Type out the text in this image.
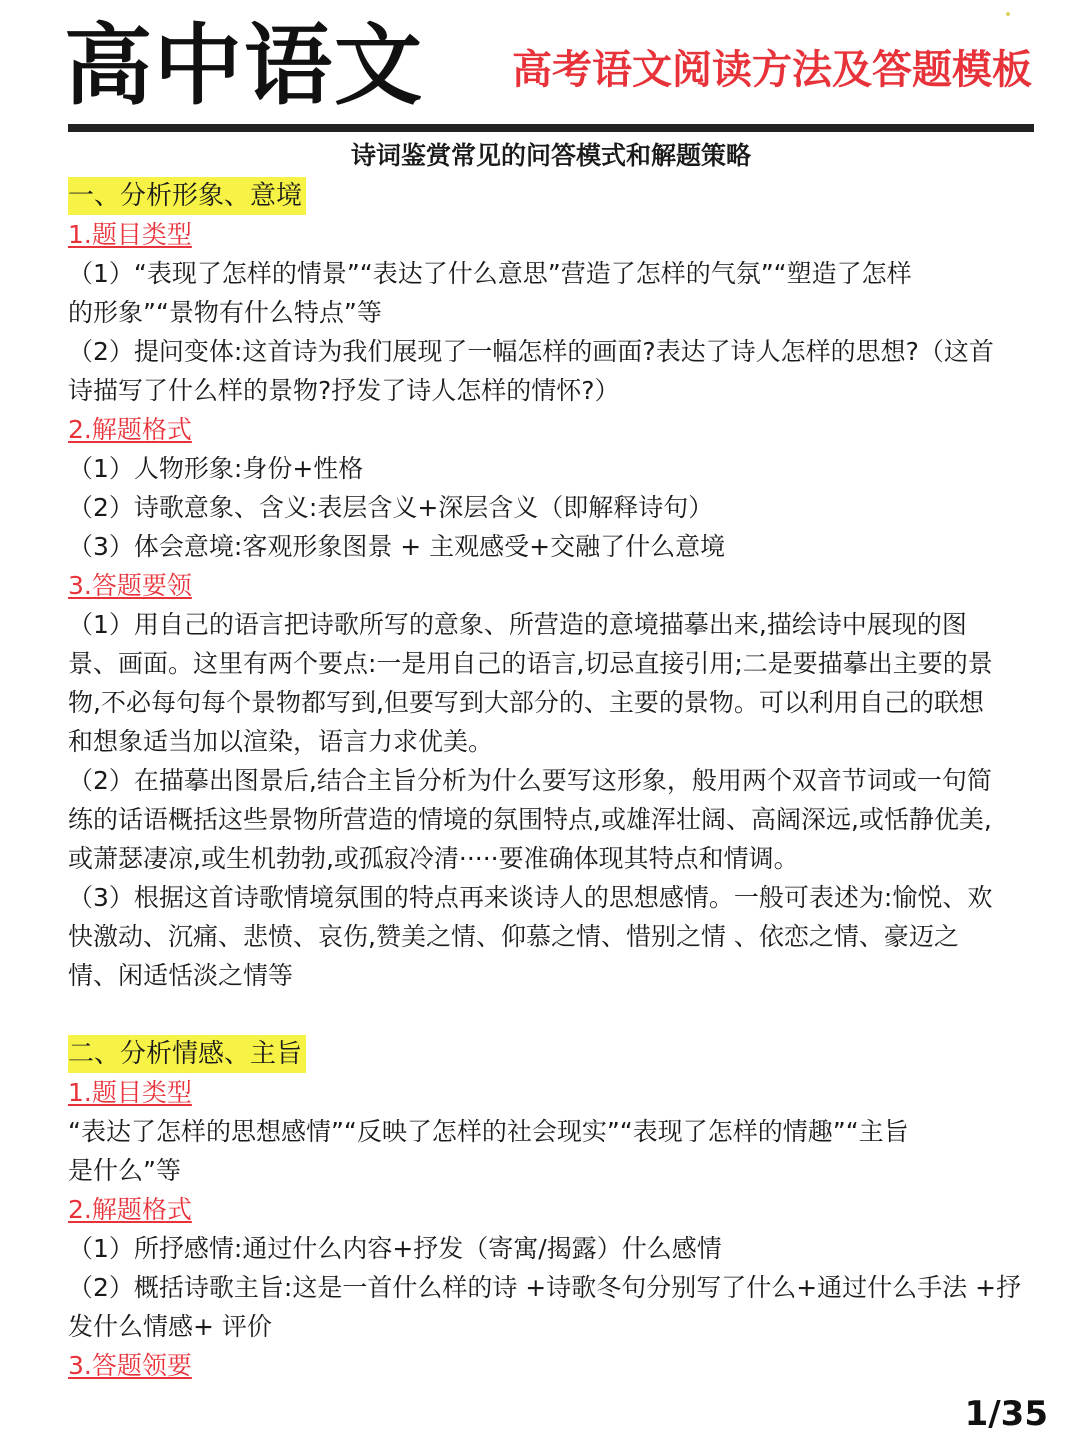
高中语文 高考语文阅读方法及答题模板

诗词鉴赏常见的问答模式和解题策略

一、分析形象、意境

1.题目类型

（1）“表现了怎样的情景”“表达了什么意思”营造了怎样的气氛”“塑造了怎样

的形象”“景物有什么特点”等

（2）提问变体:这首诗为我们展现了一幅怎样的画面?表达了诗人怎样的思想?（这首

诗描写了什么样的景物?抒发了诗人怎样的情怀?）

2.解题格式

（1）人物形象:身份+性格

（2）诗歌意象、含义:表层含义+深层含义（即解释诗句）

（3）体会意境:客观形象图景 + 主观感受+交融了什么意境

3.答题要领

（1）用自己的语言把诗歌所写的意象、所营造的意境描摹出来,描绘诗中展现的图

景、画面。这里有两个要点:一是用自己的语言,切忌直接引用;二是要描摹出主要的景

物,不必每句每个景物都写到,但要写到大部分的、主要的景物。可以利用自己的联想

和想象适当加以渲染，语言力求优美。

（2）在描摹出图景后,结合主旨分析为什么要写这形象，般用两个双音节词或一句简

练的话语概括这些景物所营造的情境的氛围特点,或雄浑壮阔、高阔深远,或恬静优美,

或萧瑟凄凉,或生机勃勃,或孤寂冷清·····要准确体现其特点和情调。

（3）根据这首诗歌情境氛围的特点再来谈诗人的思想感情。一般可表述为:愉悦、欢

快激动、沉痛、悲愤、哀伤,赞美之情、仰慕之情、惜别之情 、依恋之情、豪迈之

情、闲适恬淡之情等

二、分析情感、主旨

1.题目类型

“表达了怎样的思想感情”“反映了怎样的社会现实”“表现了怎样的情趣”“主旨

是什么”等

2.解题格式

（1）所抒感情:通过什么内容+抒发（寄寓/揭露）什么感情

（2）概括诗歌主旨:这是一首什么样的诗 +诗歌冬句分别写了什么+通过什么手法 +抒

发什么情感+ 评价

3.答题领要

1/35
